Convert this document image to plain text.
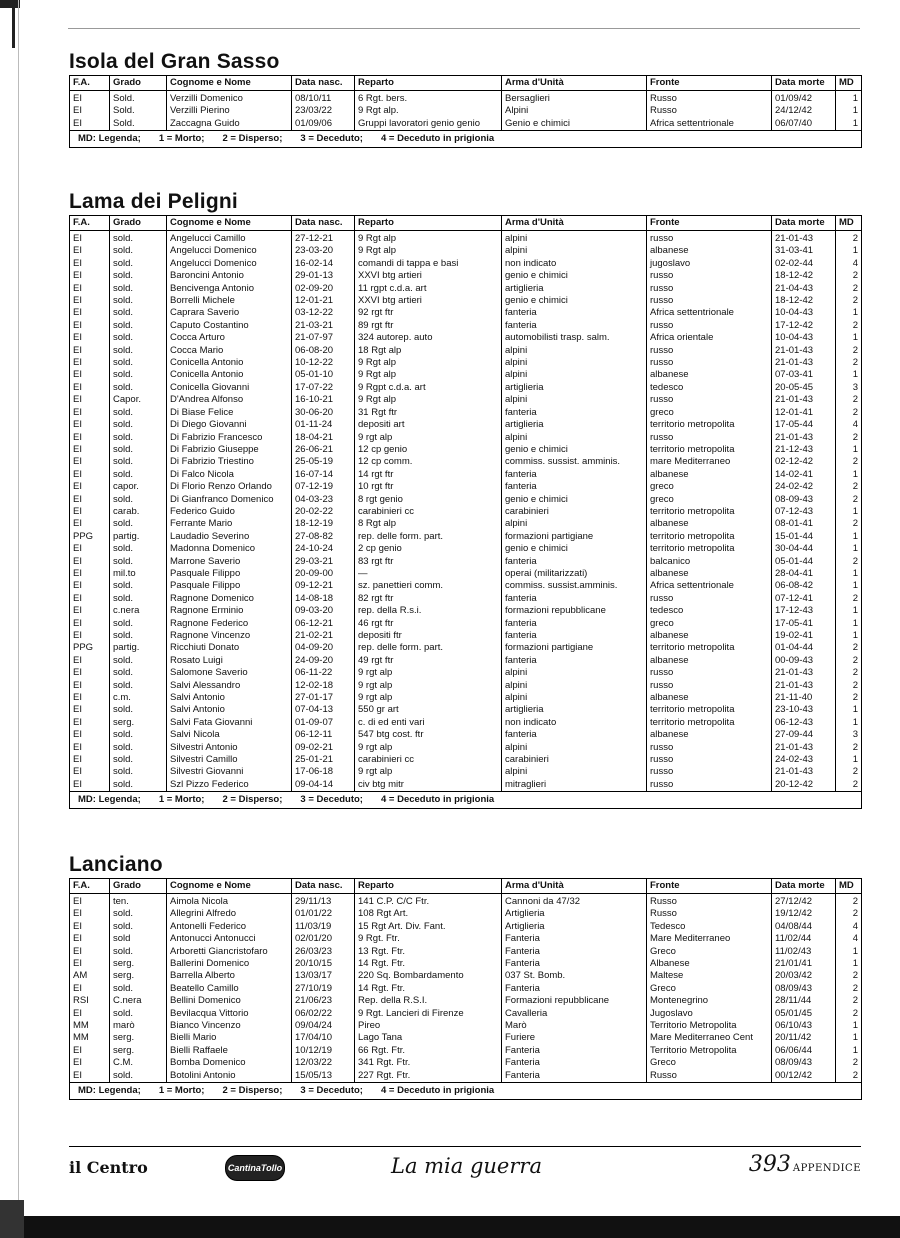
Isola del Gran Sasso
F.A.	Grado	Cognome e Nome	Data nasc.	Reparto	Arma d'Unità	Fronte	Data morte	MD
EI	Sold.	Verzilli Domenico	08/10/11	6 Rgt. bers.	Bersaglieri	Russo	01/09/42	1
EI	Sold.	Verzilli Pierino	23/03/22	9 Rgt alp.	Alpini	Russo	24/12/42	1
EI	Sold.	Zaccagna Guido	01/09/06	Gruppi lavoratori genio genio	Genio e chimici	Africa settentrionale	06/07/40	1
MD: Legenda; 1 = Morto; 2 = Disperso; 3 = Deceduto; 4 = Deceduto in prigionia								
Lama dei Peligni
F.A.	Grado	Cognome e Nome	Data nasc.	Reparto	Arma d'Unità	Fronte	Data morte	MD
EI	sold.	Angelucci Camillo	27-12-21	9 Rgt alp	alpini	russo	21-01-43	2
EI	sold.	Angelucci Domenico	23-03-20	9 Rgt alp	alpini	albanese	31-03-41	1
EI	sold.	Angelucci Domenico	16-02-14	comandi di tappa e basi	non indicato	jugoslavo	02-02-44	4
EI	sold.	Baroncini Antonio	29-01-13	XXVI btg artieri	genio e chimici	russo	18-12-42	2
EI	sold.	Bencivenga Antonio	02-09-20	11 rgpt c.d.a. art	artiglieria	russo	21-04-43	2
EI	sold.	Borrelli Michele	12-01-21	XXVI btg artieri	genio e chimici	russo	18-12-42	2
EI	sold.	Caprara Saverio	03-12-22	92 rgt ftr	fanteria	Africa settentrionale	10-04-43	1
EI	sold.	Caputo Costantino	21-03-21	89 rgt ftr	fanteria	russo	17-12-42	2
EI	sold.	Cocca Arturo	21-07-97	324 autorep. auto	automobilisti trasp. salm.	Africa orientale	10-04-43	1
EI	sold.	Cocca Mario	06-08-20	18 Rgt alp	alpini	russo	21-01-43	2
EI	sold.	Conicella Antonio	10-12-22	9 Rgt alp	alpini	russo	21-01-43	2
EI	sold.	Conicella Antonio	05-01-10	9 Rgt alp	alpini	albanese	07-03-41	1
EI	sold.	Conicella Giovanni	17-07-22	9 Rgpt c.d.a. art	artiglieria	tedesco	20-05-45	3
EI	Capor.	D'Andrea Alfonso	16-10-21	9 Rgt alp	alpini	russo	21-01-43	2
EI	sold.	Di Biase Felice	30-06-20	31 Rgt ftr	fanteria	greco	12-01-41	2
EI	sold.	Di Diego Giovanni	01-11-24	depositi art	artiglieria	territorio metropolita	17-05-44	4
EI	sold.	Di Fabrizio Francesco	18-04-21	9 rgt alp	alpini	russo	21-01-43	2
EI	sold.	Di Fabrizio Giuseppe	26-06-21	12 cp genio	genio e chimici	territorio metropolita	21-12-43	1
EI	sold.	Di Fabrizio Triestino	25-05-19	12 cp comm.	commiss. sussist. amminis.	mare Mediterraneo	02-12-42	2
EI	sold.	Di Falco Nicola	16-07-14	14 rgt ftr	fanteria	albanese	14-02-41	1
EI	capor.	Di Florio Renzo Orlando	07-12-19	10 rgt ftr	fanteria	greco	24-02-42	2
EI	sold.	Di Gianfranco Domenico	04-03-23	8 rgt genio	genio e chimici	greco	08-09-43	2
EI	carab.	Federico Guido	20-02-22	carabinieri cc	carabinieri	territorio metropolita	07-12-43	1
EI	sold.	Ferrante Mario	18-12-19	8 Rgt alp	alpini	albanese	08-01-41	2
PPG	partig.	Laudadio Severino	27-08-82	rep. delle form. part.	formazioni partigiane	territorio metropolita	15-01-44	1
EI	sold.	Madonna Domenico	24-10-24	2 cp genio	genio e chimici	territorio metropolita	30-04-44	1
EI	sold.	Marrone Saverio	29-03-21	83 rgt ftr	fanteria	balcanico	05-01-44	2
EI	mil.to	Pasquale Filippo	20-09-00	—	operai (militarizzati)	albanese	28-04-41	1
EI	sold.	Pasquale Filippo	09-12-21	sz. panettieri comm.	commiss. sussist.amminis.	Africa settentrionale	06-08-42	1
EI	sold.	Ragnone Domenico	14-08-18	82 rgt ftr	fanteria	russo	07-12-41	2
EI	c.nera	Ragnone Erminio	09-03-20	rep. della R.s.i.	formazioni repubblicane	tedesco	17-12-43	1
EI	sold.	Ragnone Federico	06-12-21	46 rgt ftr	fanteria	greco	17-05-41	1
EI	sold.	Ragnone Vincenzo	21-02-21	depositi ftr	fanteria	albanese	19-02-41	1
PPG	partig.	Ricchiuti Donato	04-09-20	rep. delle form. part.	formazioni partigiane	territorio metropolita	01-04-44	2
EI	sold.	Rosato Luigi	24-09-20	49 rgt ftr	fanteria	albanese	00-09-43	2
EI	sold.	Salomone Saverio	06-11-22	9 rgt alp	alpini	russo	21-01-43	2
EI	sold.	Salvi Alessandro	12-02-18	9 rgt alp	alpini	russo	21-01-43	2
EI	c.m.	Salvi Antonio	27-01-17	9 rgt alp	alpini	albanese	21-11-40	2
EI	sold.	Salvi Antonio	07-04-13	550 gr art	artiglieria	territorio metropolita	23-10-43	1
EI	serg.	Salvi Fata Giovanni	01-09-07	c. di ed enti vari	non indicato	territorio metropolita	06-12-43	1
EI	sold.	Salvi Nicola	06-12-11	547 btg cost. ftr	fanteria	albanese	27-09-44	3
EI	sold.	Silvestri Antonio	09-02-21	9 rgt alp	alpini	russo	21-01-43	2
EI	sold.	Silvestri Camillo	25-01-21	carabinieri cc	carabinieri	russo	24-02-43	1
EI	sold.	Silvestri Giovanni	17-06-18	9 rgt alp	alpini	russo	21-01-43	2
EI	sold.	Szl Pizzo Federico	09-04-14	civ btg mitr	mitraglieri	russo	20-12-42	2
MD: Legenda; 1 = Morto; 2 = Disperso; 3 = Deceduto; 4 = Deceduto in prigionia								
Lanciano
F.A.	Grado	Cognome e Nome	Data nasc.	Reparto	Arma d'Unità	Fronte	Data morte	MD
EI	ten.	Aimola Nicola	29/11/13	141 C.P. C/C Ftr.	Cannoni da 47/32	Russo	27/12/42	2
EI	sold.	Allegrini Alfredo	01/01/22	108 Rgt Art.	Artiglieria	Russo	19/12/42	2
EI	sold.	Antonelli Federico	11/03/19	15 Rgt Art. Div. Fant.	Artiglieria	Tedesco	04/08/44	4
EI	sold	Antonucci Antonucci	02/01/20	9 Rgt. Ftr.	Fanteria	Mare Mediterraneo	11/02/44	4
EI	sold.	Arboretti Giancristofaro	26/03/23	13 Rgt. Ftr.	Fanteria	Greco	11/02/43	1
EI	serg.	Ballerini Domenico	20/10/15	14 Rgt. Ftr.	Fanteria	Albanese	21/01/41	1
AM	serg.	Barrella Alberto	13/03/17	220 Sq. Bombardamento	037 St. Bomb.	Maltese	20/03/42	2
EI	sold.	Beatello Camillo	27/10/19	14 Rgt. Ftr.	Fanteria	Greco	08/09/43	2
RSI	C.nera	Bellini Domenico	21/06/23	Rep. della R.S.I.	Formazioni repubblicane	Montenegrino	28/11/44	2
EI	sold.	Bevilacqua Vittorio	06/02/22	9 Rgt. Lancieri di Firenze	Cavalleria	Jugoslavo	05/01/45	2
MM	marò	Bianco Vincenzo	09/04/24	Pireo	Marò	Territorio Metropolita	06/10/43	1
MM	serg.	Bielli Mario	17/04/10	Lago Tana	Furiere	Mare Mediterraneo Cent	20/11/42	1
EI	serg.	Bielli Raffaele	10/12/19	66 Rgt. Ftr.	Fanteria	Territorio Metropolita	06/06/44	1
EI	C.M.	Bomba Domenico	12/03/22	341 Rgt. Ftr.	Fanteria	Greco	08/09/43	2
EI	sold.	Botolini Antonio	15/05/13	227 Rgt. Ftr.	Fanteria	Russo	00/12/42	2
MD: Legenda; 1 = Morto; 2 = Disperso; 3 = Deceduto; 4 = Deceduto in prigionia								
il Centro	CantinaTollo	La mia guerra	393 APPENDICE
